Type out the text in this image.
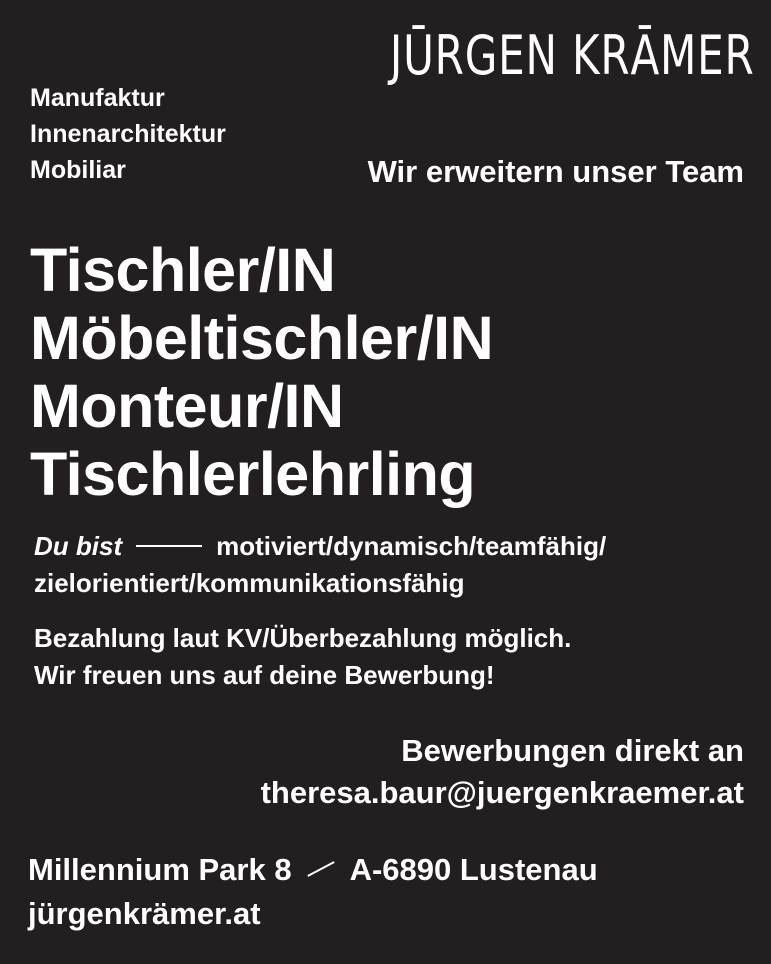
JŪRGEN KRĀMER
Manufaktur
Innenarchitektur
Mobiliar	Wir erweitern unser Team
Tischler/IN
Möbeltischler/IN
Monteur/IN
Tischlerlehrling
Du bist	motiviert/dynamisch/teamfähig/
zielorientiert/kommunikationsfähig
Bezahlung laut KV/Überbezahlung möglich.
Wir freuen uns auf deine Bewerbung!
Bewerbungen direkt an
theresa.baur@juergenkraemer.at
Millennium Park 8 A-6890 Lustenau
jürgenkrämer.at
